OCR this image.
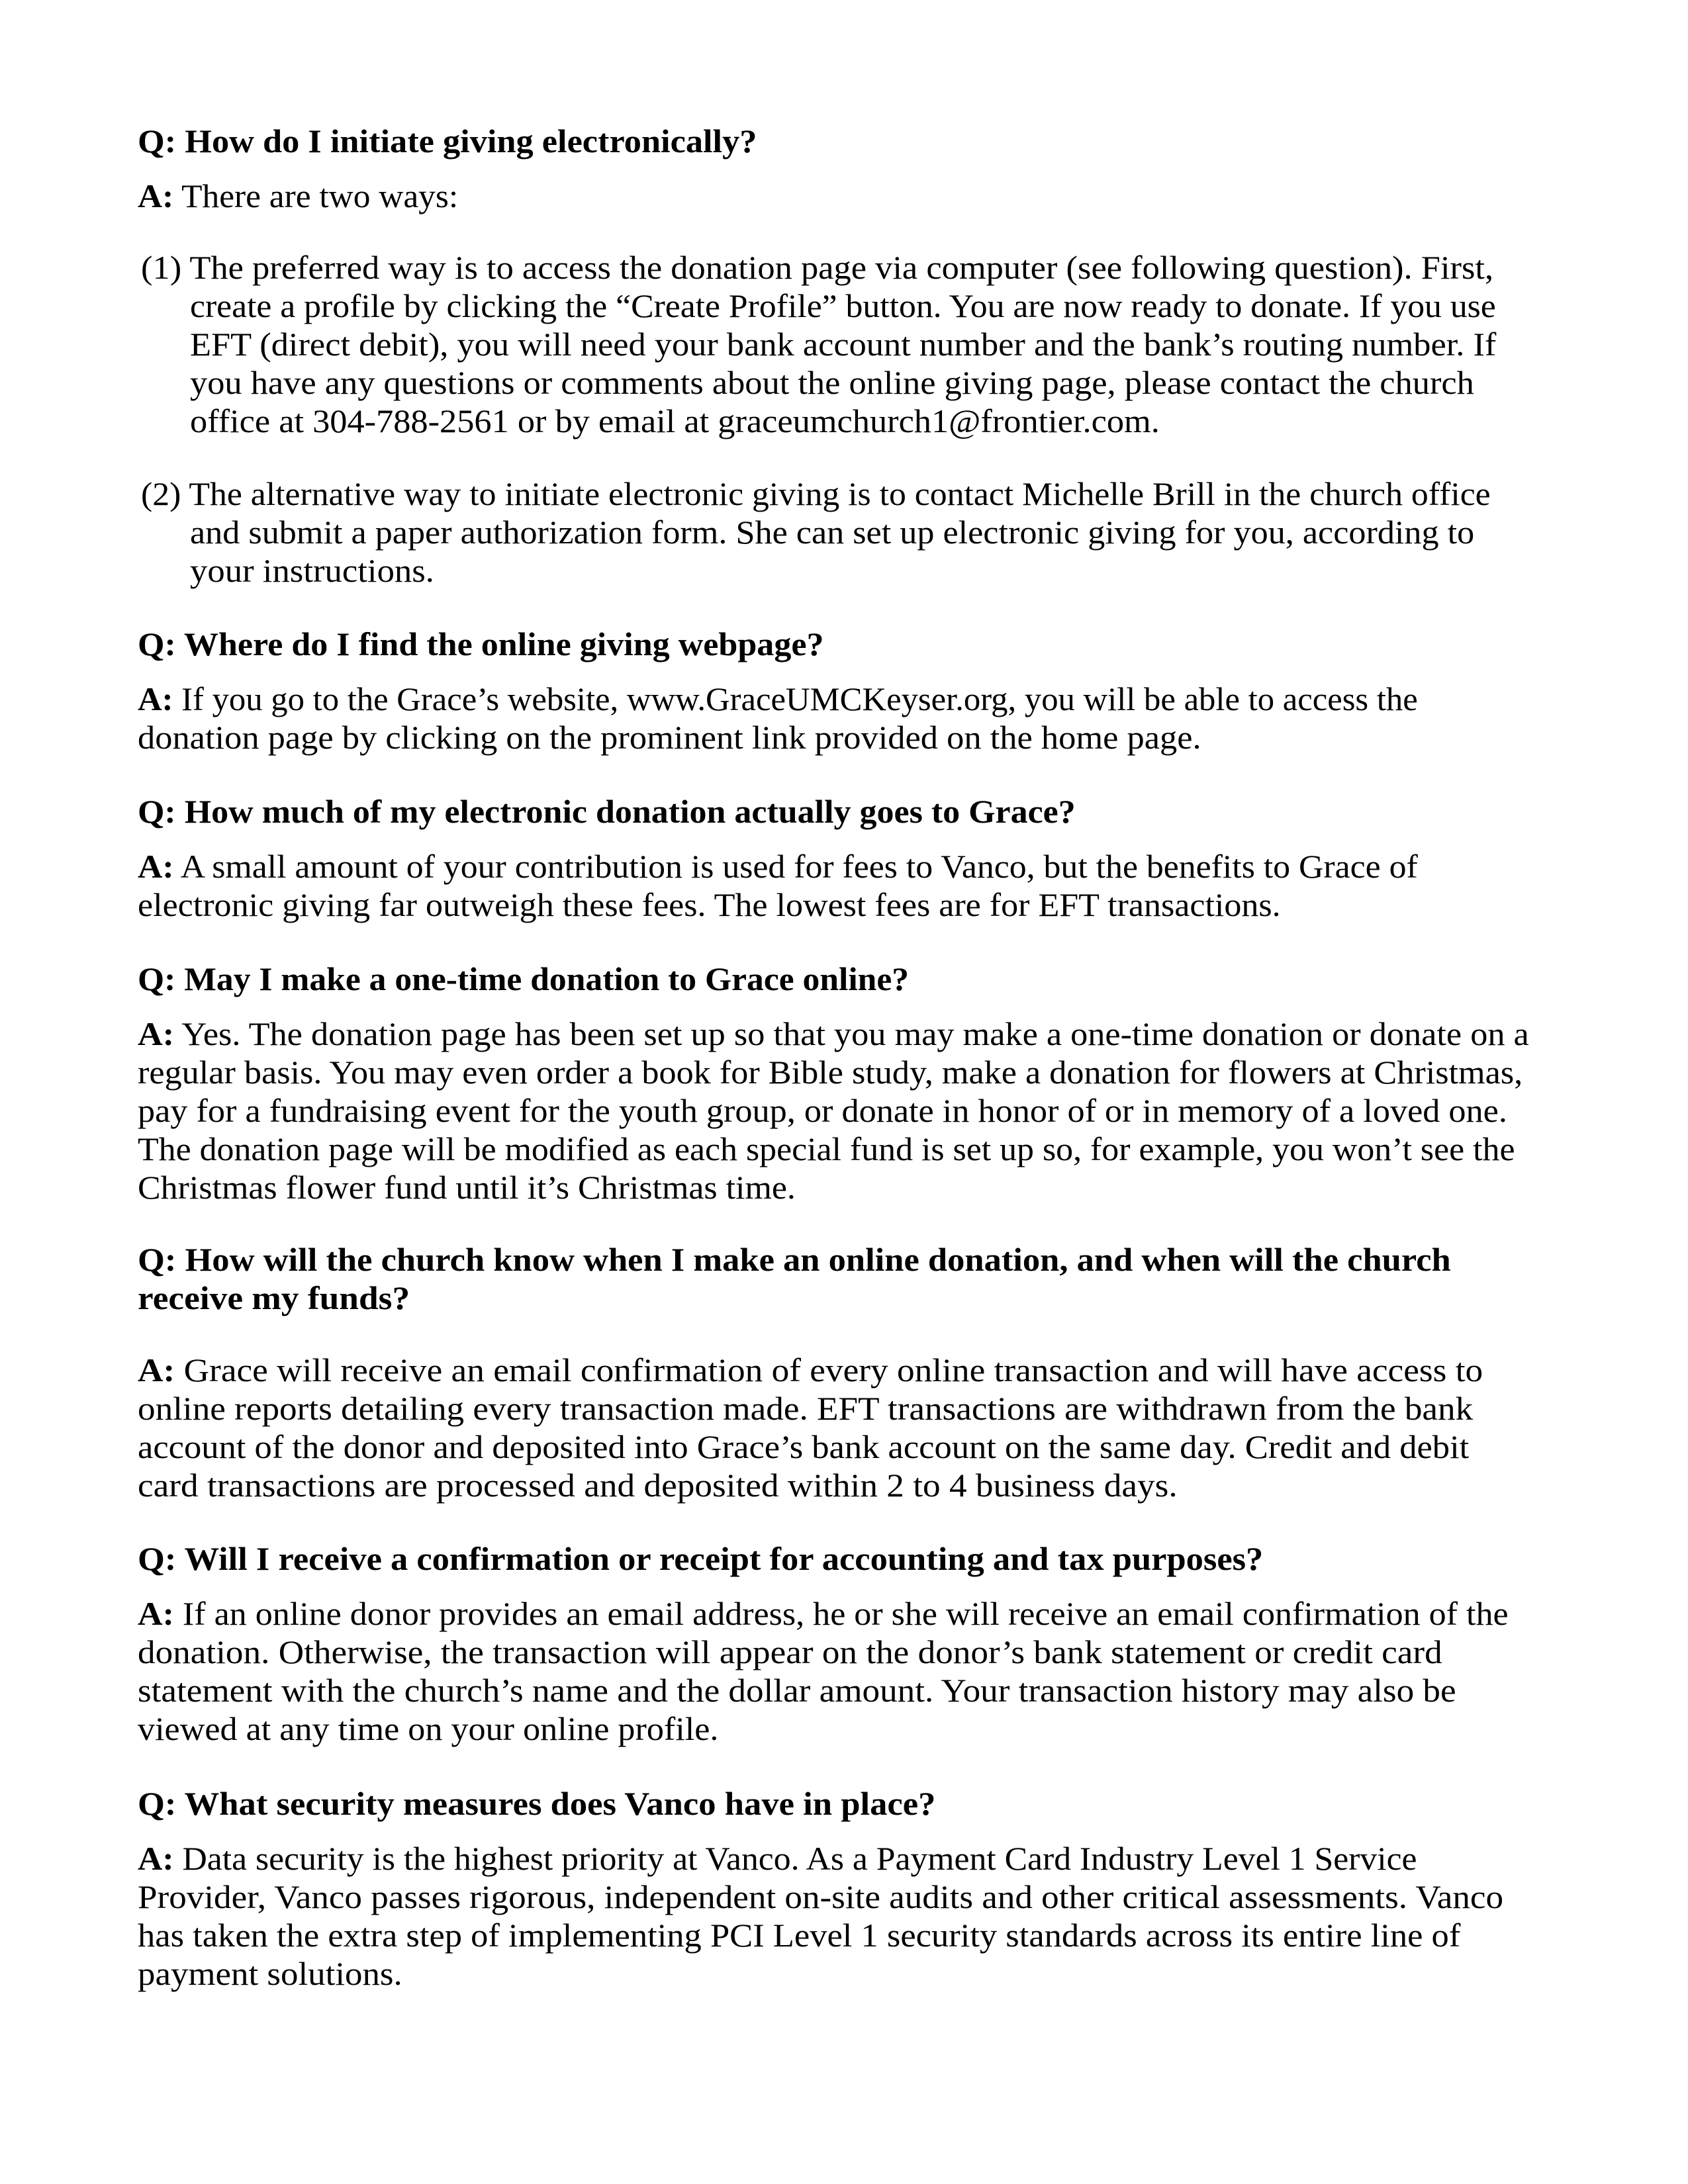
Q: How do I initiate giving electronically?
A: There are two ways:
(1) The preferred way is to access the donation page via computer (see following question). First,
create a profile by clicking the “Create Profile” button. You are now ready to donate. If you use
EFT (direct debit), you will need your bank account number and the bank’s routing number. If
you have any questions or comments about the online giving page, please contact the church
office at 304-788-2561 or by email at graceumchurch1@frontier.com.
(2) The alternative way to initiate electronic giving is to contact Michelle Brill in the church office
and submit a paper authorization form. She can set up electronic giving for you, according to
your instructions.
Q: Where do I find the online giving webpage?
A: If you go to the Grace’s website, www.GraceUMCKeyser.org, you will be able to access the
donation page by clicking on the prominent link provided on the home page.
Q: How much of my electronic donation actually goes to Grace?
A: A small amount of your contribution is used for fees to Vanco, but the benefits to Grace of
electronic giving far outweigh these fees. The lowest fees are for EFT transactions.
Q: May I make a one-time donation to Grace online?
A: Yes. The donation page has been set up so that you may make a one-time donation or donate on a
regular basis. You may even order a book for Bible study, make a donation for flowers at Christmas,
pay for a fundraising event for the youth group, or donate in honor of or in memory of a loved one.
The donation page will be modified as each special fund is set up so, for example, you won’t see the
Christmas flower fund until it’s Christmas time.
Q: How will the church know when I make an online donation, and when will the church
receive my funds?
A: Grace will receive an email confirmation of every online transaction and will have access to
online reports detailing every transaction made. EFT transactions are withdrawn from the bank
account of the donor and deposited into Grace’s bank account on the same day. Credit and debit
card transactions are processed and deposited within 2 to 4 business days.
Q: Will I receive a confirmation or receipt for accounting and tax purposes?
A: If an online donor provides an email address, he or she will receive an email confirmation of the
donation. Otherwise, the transaction will appear on the donor’s bank statement or credit card
statement with the church’s name and the dollar amount. Your transaction history may also be
viewed at any time on your online profile.
Q: What security measures does Vanco have in place?
A: Data security is the highest priority at Vanco. As a Payment Card Industry Level 1 Service
Provider, Vanco passes rigorous, independent on-site audits and other critical assessments. Vanco
has taken the extra step of implementing PCI Level 1 security standards across its entire line of
payment solutions.
